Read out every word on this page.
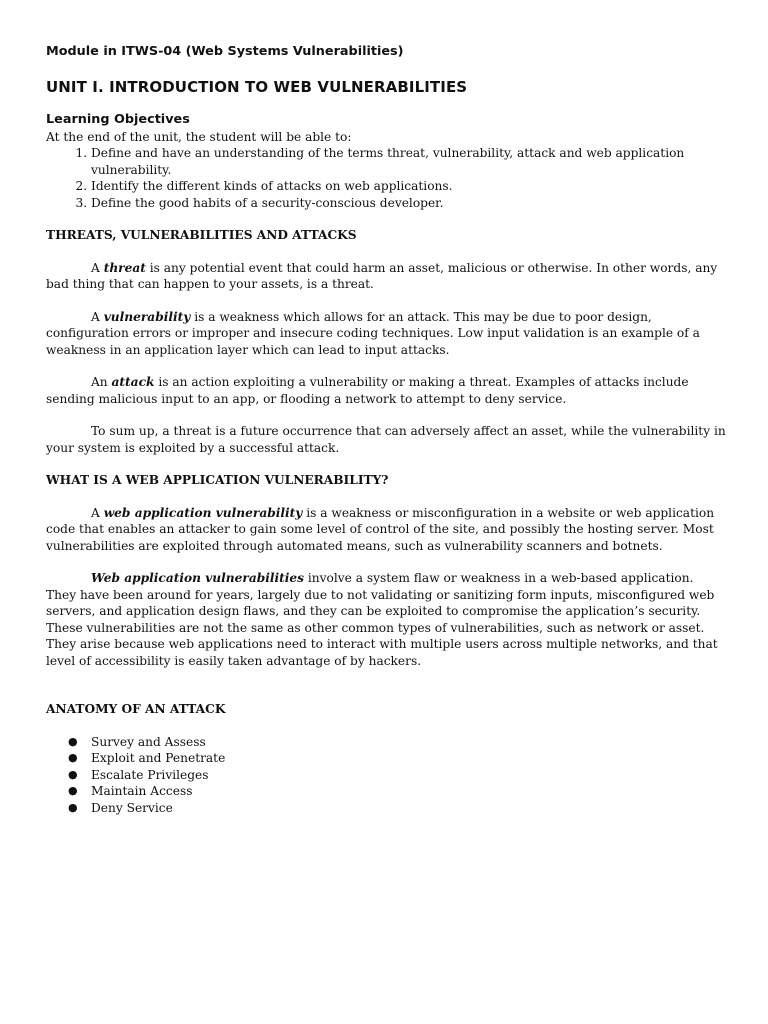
Module in ITWS-04 (Web Systems Vulnerabilities)

UNIT I. INTRODUCTION TO WEB VULNERABILITIES

Learning Objectives

At the end of the unit, the student will be able to:

1. Define and have an understanding of the terms threat, vulnerability, attack and web application vulnerability.
2. Identify the different kinds of attacks on web applications.
3. Define the good habits of a security-conscious developer.
THREATS, VULNERABILITIES AND ATTACKS

A threat is any potential event that could harm an asset, malicious or otherwise. In other words, any bad thing that can happen to your assets, is a threat.

A vulnerability is a weakness which allows for an attack. This may be due to poor design, configuration errors or improper and insecure coding techniques. Low input validation is an example of a weakness in an application layer which can lead to input attacks.

An attack is an action exploiting a vulnerability or making a threat. Examples of attacks include sending malicious input to an app, or flooding a network to attempt to deny service.

To sum up, a threat is a future occurrence that can adversely affect an asset, while the vulnerability in your system is exploited by a successful attack.

WHAT IS A WEB APPLICATION VULNERABILITY?

A web application vulnerability is a weakness or misconfiguration in a website or web application code that enables an attacker to gain some level of control of the site, and possibly the hosting server. Most vulnerabilities are exploited through automated means, such as vulnerability scanners and botnets.

Web application vulnerabilities involve a system flaw or weakness in a web-based application. They have been around for years, largely due to not validating or sanitizing form inputs, misconfigured web servers, and application design flaws, and they can be exploited to compromise the application’s security. These vulnerabilities are not the same as other common types of vulnerabilities, such as network or asset. They arise because web applications need to interact with multiple users across multiple networks, and that level of accessibility is easily taken advantage of by hackers.

ANATOMY OF AN ATTACK
● Survey and Assess
● Exploit and Penetrate
● Escalate Privileges
● Maintain Access
● Deny Service
